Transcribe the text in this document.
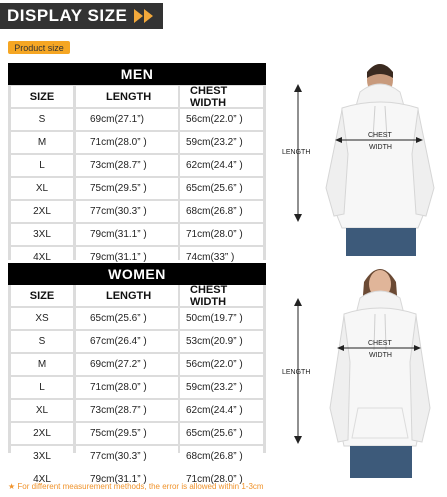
DISPLAY SIZE
Product size
MEN
SIZE	LENGTH	CHEST WIDTH
S	69cm(27.1”)	56cm(22.0” )
M	71cm(28.0” )	59cm(23.2” )
L	73cm(28.7” )	62cm(24.4” )
XL	75cm(29.5” )	65cm(25.6” )
2XL	77cm(30.3” )	68cm(26.8” )
3XL	79cm(31.1” )	71cm(28.0” )
4XL	79cm(31.1” )	74cm(33” )
WOMEN
SIZE	LENGTH	CHEST WIDTH
XS	65cm(25.6” )	50cm(19.7” )
S	67cm(26.4” )	53cm(20.9” )
M	69cm(27.2” )	56cm(22.0” )
L	71cm(28.0” )	59cm(23.2” )
XL	73cm(28.7” )	62cm(24.4” )
2XL	75cm(29.5” )	65cm(25.6” )
3XL	77cm(30.3” )	68cm(26.8” )
4XL	79cm(31.1” )	71cm(28.0” )
LENGTH
CHEST
WIDTH
LENGTH
CHEST
WIDTH
★ For different measurement methods, the error is allowed within 1-3cm
